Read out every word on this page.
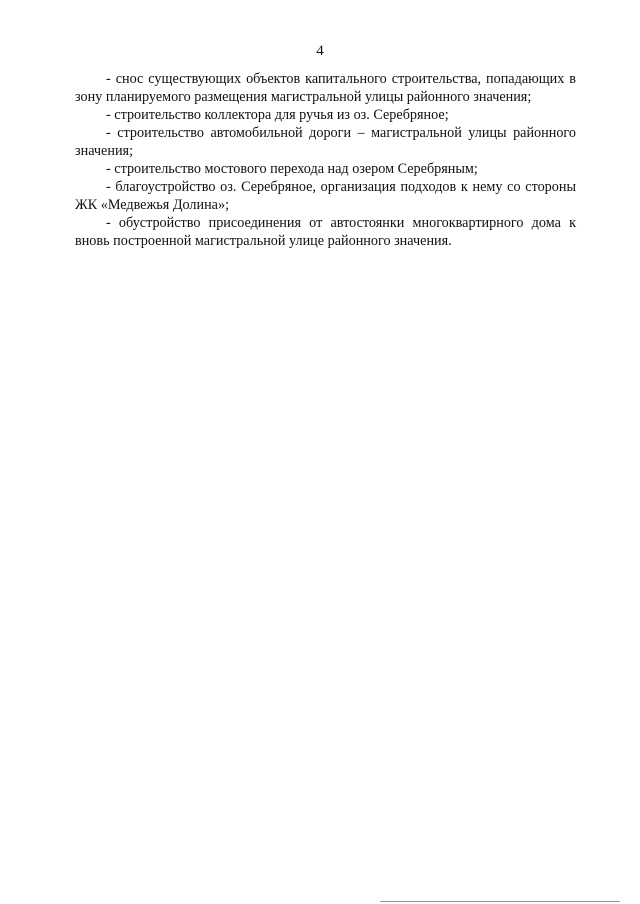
4

- снос существующих объектов капитального строительства, попадающих в зону планируемого размещения магистральной улицы районного значения;

- строительство коллектора для ручья из оз. Серебряное;

- строительство автомобильной дороги – магистральной улицы районного значения;

- строительство мостового перехода над озером Серебряным;

- благоустройство оз. Серебряное, организация подходов к нему со стороны ЖК «Медвежья Долина»;

- обустройство присоединения от автостоянки многоквартирного дома к вновь построенной магистральной улице районного значения.
